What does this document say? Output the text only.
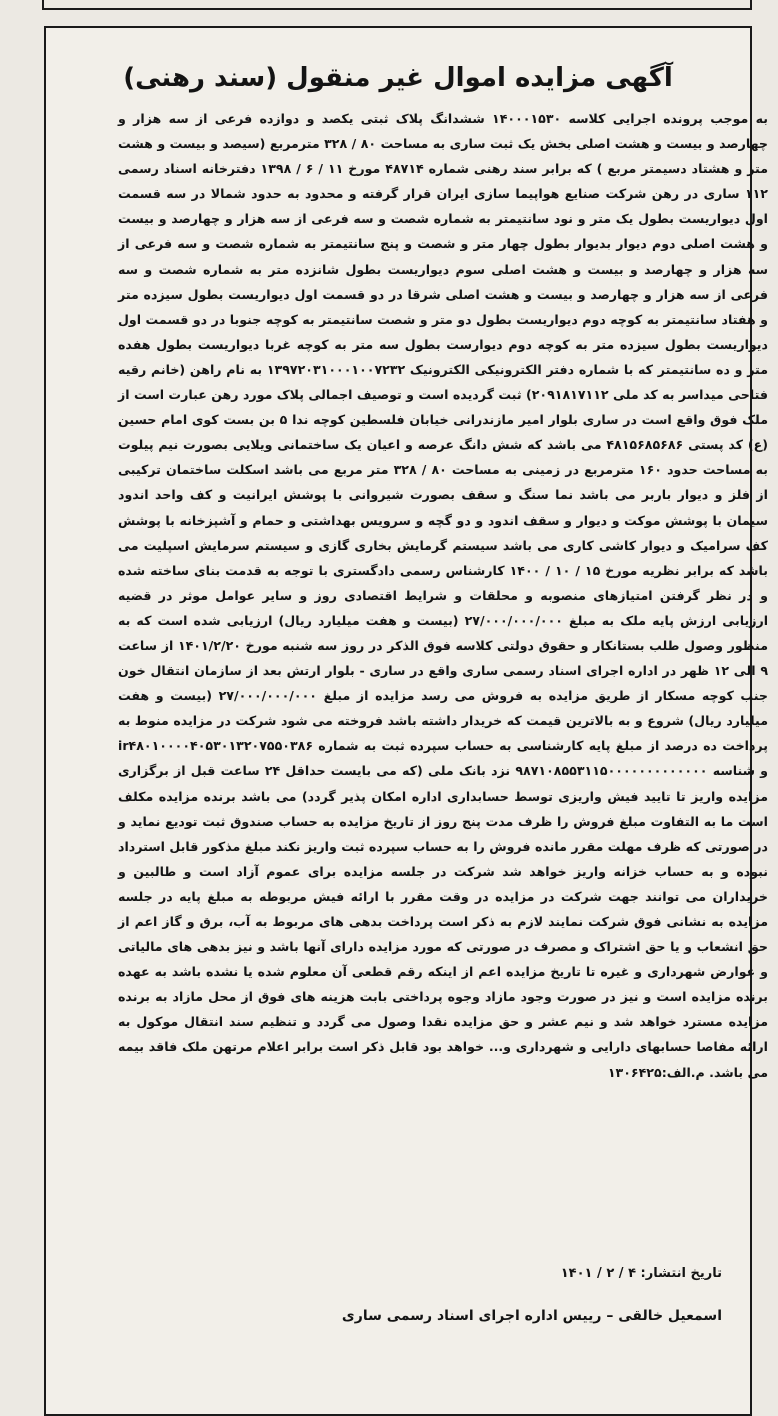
آگهی مزایده اموال غیر منقول (سند رهنی)

به موجب پرونده اجرایی کلاسه ۱۴۰۰۰۱۵۳۰ ششدانگ پلاک ثبتی یکصد و دوازده فرعی از سه هزار و چهارصد و بیست و هشت اصلی بخش یک ثبت ساری به مساحت ۸۰ / ۳۲۸ مترمربع (سیصد و بیست و هشت متر و هشتاد دسیمتر مربع ) که برابر سند رهنی شماره ۴۸۷۱۴ مورخ ۱۱ / ۶ / ۱۳۹۸ دفترخانه اسناد رسمی ۱۱۲ ساری در رهن شرکت صنایع هواپیما سازی ایران قرار گرفته و محدود به حدود شمالا در سه قسمت اول دیواریست بطول یک متر و نود سانتیمتر به شماره شصت و سه فرعی از سه هزار و چهارصد و بیست و هشت اصلی دوم دیوار بدیوار بطول چهار متر و شصت و پنج سانتیمتر به شماره شصت و سه فرعی از سه هزار و چهارصد و بیست و هشت اصلی سوم دیواریست بطول شانزده متر به شماره شصت و سه فرعی از سه هزار و چهارصد و بیست و هشت اصلی شرقا در دو قسمت اول دیواریست بطول سیزده متر و هفتاد سانتیمتر به کوچه دوم دیواریست بطول دو متر و شصت سانتیمتر به کوچه جنوبا در دو قسمت اول دیواریست بطول سیزده متر به کوچه دوم دیوارست بطول سه متر به کوچه غربا دیواریست بطول هفده متر و ده سانتیمتر که با شماره دفتر الکترونیکی الکترونیک ۱۳۹۷۲۰۳۱۰۰۰۱۰۰۷۲۳۲ به نام راهن (خانم رقیه فتاحی میداسر به کد ملی ۲۰۹۱۸۱۷۱۱۲) ثبت گردیده است و توصیف اجمالی پلاک مورد رهن عبارت است از ملک فوق واقع است در ساری بلوار امیر مازندرانی خیابان فلسطین کوچه ندا ۵ بن بست کوی امام حسین (ع) کد پستی ۴۸۱۵۶۸۵۶۸۶ می باشد که شش دانگ عرصه و اعیان یک ساختمانی ویلایی بصورت نیم پیلوت به مساحت حدود ۱۶۰ مترمربع در زمینی به مساحت ۸۰ / ۳۲۸ متر مربع می باشد اسکلت ساختمان ترکیبی از فلز و دیوار باربر می باشد نما سنگ و سقف بصورت شیروانی با پوشش ایرانیت و کف واحد اندود سیمان با پوشش موکت و دیوار و سقف اندود و دو گچه و سرویس بهداشتی و حمام و آشپزخانه با پوشش کف سرامیک و دیوار کاشی کاری می باشد سیستم گرمایش بخاری گازی و سیستم سرمایش اسپلیت می باشد که برابر نظریه مورخ ۱۵ / ۱۰ / ۱۴۰۰ کارشناس رسمی دادگستری با توجه به قدمت بنای ساخته شده و در نظر گرفتن امتیازهای منصوبه و محلقات و شرایط اقتصادی روز و سایر عوامل موثر در قضیه ارزیابی ارزش پایه ملک به مبلغ ۲۷/۰۰۰/۰۰۰/۰۰۰ (بیست و هفت میلیارد ریال) ارزیابی شده است که به منظور وصول طلب بستانکار و حقوق دولتی کلاسه فوق الذکر در روز سه شنبه مورخ ۱۴۰۱/۲/۲۰ از ساعت ۹ الی ۱۲ ظهر در اداره اجرای اسناد رسمی ساری واقع در ساری - بلوار ارتش بعد از سازمان انتقال خون جنب کوچه مسکار از طریق مزایده به فروش می رسد مزایده از مبلغ ۲۷/۰۰۰/۰۰۰/۰۰۰ (بیست و هفت میلیارد ریال) شروع و به بالاترین قیمت که خریدار داشته باشد فروخته می شود شرکت در مزایده منوط به پرداخت ده درصد از مبلغ پایه کارشناسی به حساب سپرده ثبت به شماره ir۴۸۰۱۰۰۰۰۴۰۵۳۰۱۳۲۰۷۵۵۰۳۸۶ و شناسه ۹۸۷۱۰۸۵۵۳۱۱۵۰۰۰۰۰۰۰۰۰۰۰۰۰ نزد بانک ملی (که می بایست حداقل ۲۴ ساعت قبل از برگزاری مزایده واریز تا تایید فیش واریزی توسط حسابداری اداره امکان پذیر گردد) می باشد برنده مزایده مکلف است ما به التفاوت مبلغ فروش را ظرف مدت پنج روز از تاریخ مزایده به حساب صندوق ثبت تودیع نماید و در صورتی که ظرف مهلت مقرر مانده فروش را به حساب سپرده ثبت واریز نکند مبلغ مذکور قابل استرداد نبوده و به حساب خزانه واریز خواهد شد شرکت در جلسه مزایده برای عموم آزاد است و طالبین و خریداران می توانند جهت شرکت در مزایده در وقت مقرر با ارائه فیش مربوطه به مبلغ پایه در جلسه مزایده به نشانی فوق شرکت نمایند لازم به ذکر است پرداخت بدهی های مربوط به آب، برق و گاز اعم از حق انشعاب و یا حق اشتراک و مصرف در صورتی که مورد مزایده دارای آنها باشد و نیز بدهی های مالیاتی و عوارض شهرداری و غیره تا تاریخ مزایده اعم از اینکه رقم قطعی آن معلوم شده یا نشده باشد به عهده برنده مزایده است و نیز در صورت وجود مازاد وجوه پرداختی بابت هزینه های فوق از محل مازاد به برنده مزایده مسترد خواهد شد و نیم عشر و حق مزایده نقدا وصول می گردد و تنظیم سند انتقال موکول به ارائه مفاصا حسابهای دارایی و شهرداری و... خواهد بود قابل ذکر است برابر اعلام مرتهن ملک فاقد بیمه می باشد. م.الف:۱۳۰۶۴۲۵

تاریخ انتشار: ۴ / ۲ / ۱۴۰۱
اسمعیل خالقی – رییس اداره اجرای اسناد رسمی ساری
